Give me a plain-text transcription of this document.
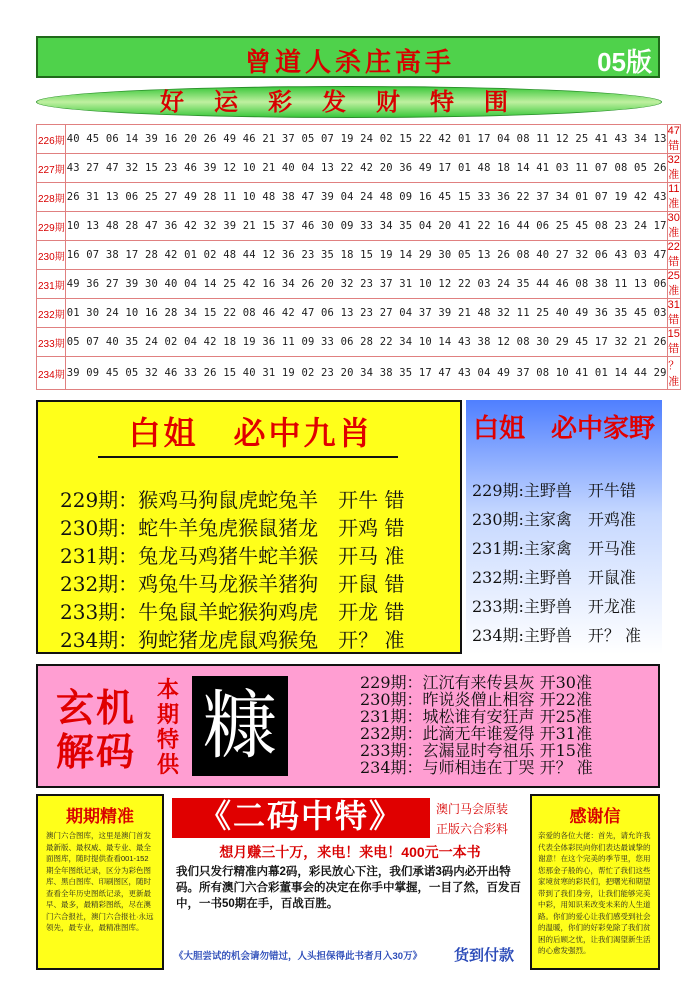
曾道人杀庄高手	05版
好运彩发财特围
226期	40 45 06 14 39 16 20 26 49 46 21 37 05 07 19 24 02 15 22 42 01 17 04 08 11 12 25 41 43 34 13	47错
227期	43 27 47 32 15 23 46 39 12 10 21 40 04 13 22 42 20 36 49 17 01 48 18 14 41 03 11 07 08 05 26	32准
228期	26 31 13 06 25 27 49 28 11 10 48 38 47 39 04 24 48 09 16 45 15 33 36 22 37 34 01 07 19 42 43	11准
229期	10 13 48 28 47 36 42 32 39 21 15 37 46 30 09 33 34 35 04 20 41 22 16 44 06 25 45 08 23 24 17	30准
230期	16 07 38 17 28 42 01 02 48 44 12 36 23 35 18 15 19 14 29 30 05 13 26 08 40 27 32 06 43 03 47	22错
231期	49 36 27 39 30 40 04 14 25 42 16 34 26 20 32 23 37 31 10 12 22 03 24 35 44 46 08 38 11 13 06	25准
232期	01 30 24 10 16 28 34 15 22 08 46 42 47 06 13 23 27 04 37 39 21 48 32 11 25 40 49 36 35 45 03	31错
233期	05 07 40 35 24 02 04 42 18 19 36 11 09 33 06 28 22 34 10 14 43 38 12 08 30 29 45 17 32 21 26	15错
234期	39 09 45 05 32 46 33 26 15 40 31 19 02 23 20 34 38 35 17 47 43 04 49 37 08 10 41 01 14 44 29	？准
白姐　必中九肖
229期：猴鸡马狗鼠虎蛇兔羊　开牛 错
230期：蛇牛羊兔虎猴鼠猪龙　开鸡 错
231期：兔龙马鸡猪牛蛇羊猴　开马 准
232期：鸡兔牛马龙猴羊猪狗　开鼠 错
233期：牛兔鼠羊蛇猴狗鸡虎　开龙 错
234期：狗蛇猪龙虎鼠鸡猴兔　开？ 准
白姐　必中家野
229期:主野兽　开牛错
230期:主家禽　开鸡准
231期:主家禽　开马准
232期:主野兽　开鼠准
233期:主野兽　开龙准
234期:主野兽　开？ 准
玄机
解码
本期特供 糠
229期：江沉有来传县灰 开30准
230期：昨说炎僧止相容 开22准
231期：城松谁有安狂声 开25准
232期：此滴无年谁爱得 开31准
233期：玄漏显时夸祖乐 开15准
234期：与师相违在丁哭 开？ 准
期期精准
澳门六合图库，这里是澳门首发最新版、最权威、最专业、最全面图库，随时提供查看001-152期全年图纸记录，区分为彩色图库、黑白图库、印刷图区，随时查看全年历史图纸记录，更新最早、最多，最精彩图纸，尽在澳门六合报社，澳门六合报社·永远领先，最专业，最精准图库。
《二码中特》	澳门马会原装
正版六合彩料
想月赚三十万，来电！来电！400元一本书
我们只发行精准内幕2码，彩民放心下注，我们承诺3码内必开出特码。所有澳门六合彩董事会的决定在你手中掌握，一目了然，百发百中，一书50期在手，百战百胜。
《大胆尝试的机会请勿错过，人头担保得此书者月入30万》 货到付款
感谢信
亲爱的各位大佬：首先，请允许我代表全体彩民向你们表达最诚挚的谢意！在这个完美的季节里，您用您那金子般的心，帮忙了我们这些家境贫寒的彩民们，把曙光和期望带到了我们身旁，让我们能够完美中彩，用知识来改变未来的人生道路。你们的爱心让我们感受到社会的温暖，你们的好彩免除了我们贫困的后顾之忧，让我们渴望新生活的心愈发强烈。
